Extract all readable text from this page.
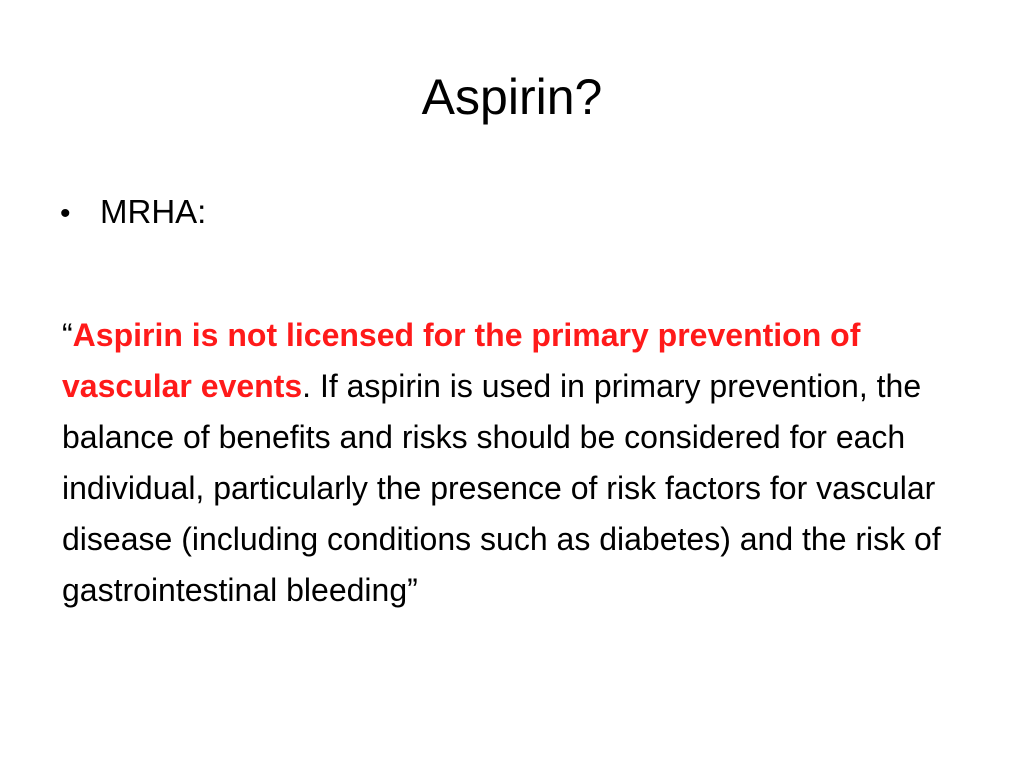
Aspirin?
• MRHA:
“Aspirin is not licensed for the primary prevention of vascular events. If aspirin is used in primary prevention, the balance of benefits and risks should be considered for each individual, particularly the presence of risk factors for vascular disease (including conditions such as diabetes) and the risk of gastrointestinal bleeding”
